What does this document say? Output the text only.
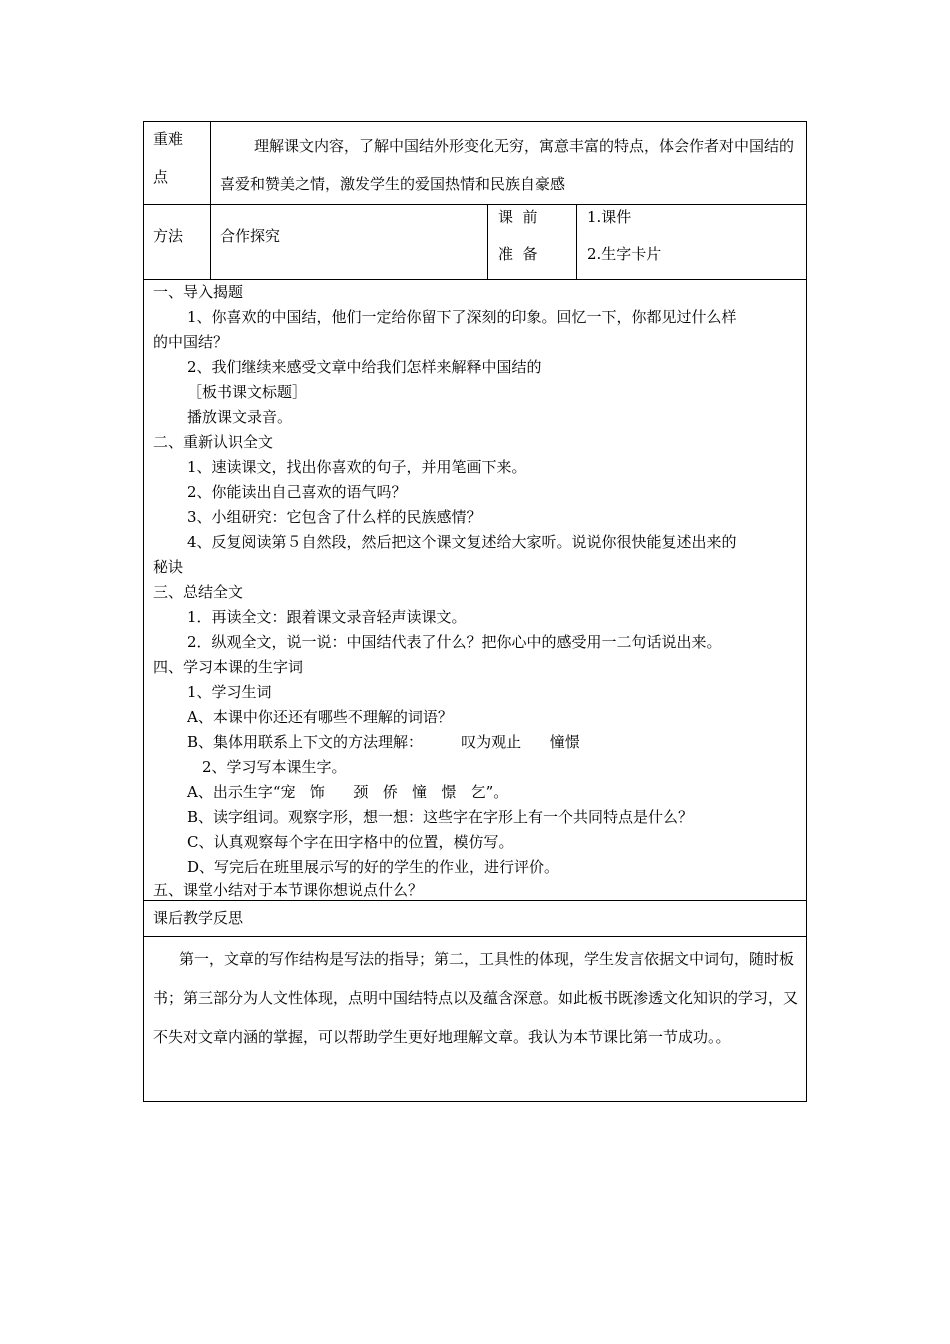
重难
点
理解课文内容，了解中国结外形变化无穷，寓意丰富的特点，体会作者对中国结的喜爱和赞美之情，激发学生的爱国热情和民族自豪感
方法 合作探究
课  前
准  备
1.课件
2.生字卡片
一、导入揭题
1、你喜欢的中国结，他们一定给你留下了深刻的印象。回忆一下，你都见过什么样
的中国结？
2、我们继续来感受文章中给我们怎样来解释中国结的
［板书课文标题］
播放课文录音。
二、重新认识全文
1、速读课文，找出你喜欢的句子，并用笔画下来。
2、你能读出自己喜欢的语气吗？
3、小组研究：它包含了什么样的民族感情？
4、反复阅读第５自然段，然后把这个课文复述给大家听。说说你很快能复述出来的
秘诀
三、总结全文
1．再读全文：跟着课文录音轻声读课文。
2．纵观全文，说一说：中国结代表了什么？把你心中的感受用一二句话说出来。
四、学习本课的生字词
1、学习生词
A、本课中你还还有哪些不理解的词语？
B、集体用联系上下文的方法理解：        叹为观止      憧憬
2、学习写本课生字。
A、出示生字“宠   饰      颈   侨   憧   憬   乞”。
B、读字组词。观察字形，想一想：这些字在字形上有一个共同特点是什么？
C、认真观察每个字在田字格中的位置，模仿写。
D、写完后在班里展示写的好的学生的作业，进行评价。
五、课堂小结对于本节课你想说点什么？
课后教学反思
第一，文章的写作结构是写法的指导；第二，工具性的体现，学生发言依据文中词句，随时板书；第三部分为人文性体现，点明中国结特点以及蕴含深意。如此板书既渗透文化知识的学习，又不失对文章内涵的掌握，可以帮助学生更好地理解文章。我认为本节课比第一节成功。。
